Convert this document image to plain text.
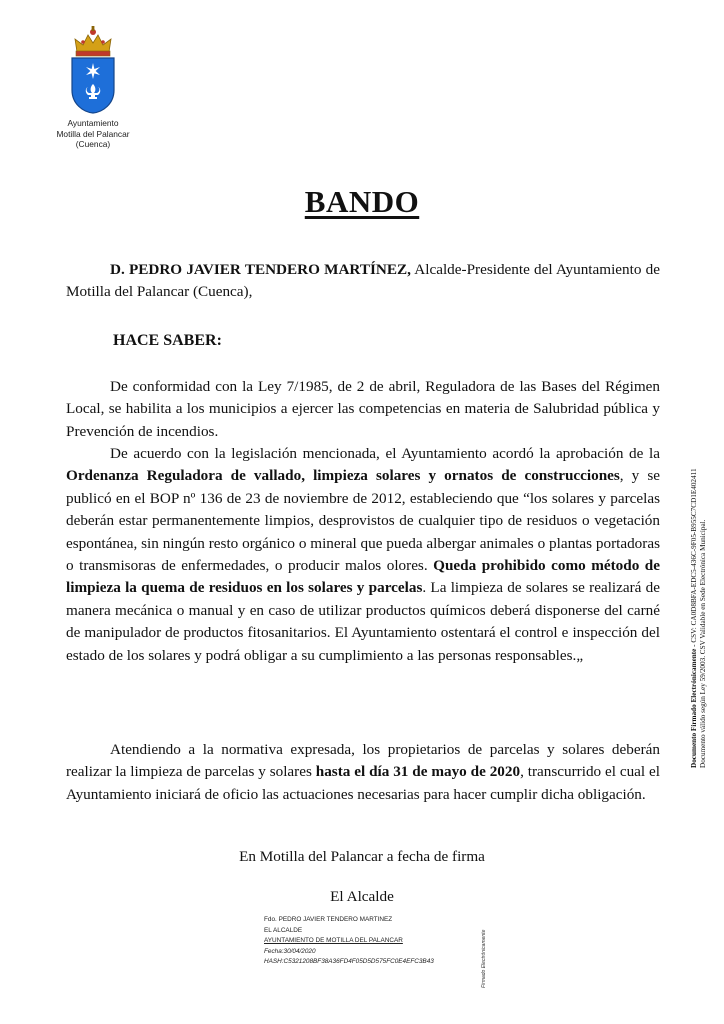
Ayuntamiento
Motilla del Palancar
(Cuenca)
BANDO

D. PEDRO JAVIER TENDERO MARTÍNEZ, Alcalde-Presidente del Ayuntamiento de Motilla del Palancar (Cuenca),

HACE SABER:

De conformidad con la Ley 7/1985, de 2 de abril, Reguladora de las Bases del Régimen Local, se habilita a los municipios a ejercer las competencias en materia de Salubridad pública y Prevención de incendios.

De acuerdo con la legislación mencionada, el Ayuntamiento acordó la aprobación de la Ordenanza Reguladora de vallado, limpieza solares y ornatos de construcciones, y se publicó en el BOP nº 136 de 23 de noviembre de 2012, estableciendo que “los solares y parcelas deberán estar permanentemente limpios, desprovistos de cualquier tipo de residuos o vegetación espontánea, sin ningún resto orgánico o mineral que pueda albergar animales o plantas portadoras o transmisoras de enfermedades, o producir malos olores. Queda prohibido como método de limpieza la quema de residuos en los solares y parcelas. La limpieza de solares se realizará de manera mecánica o manual y en caso de utilizar productos químicos deberá disponerse del carné de manipulador de productos fitosanitarios. El Ayuntamiento ostentará el control e inspección del estado de los solares y podrá obligar a su cumplimiento a las personas responsables.„

Atendiendo a la normativa expresada, los propietarios de parcelas y solares deberán realizar la limpieza de parcelas y solares hasta el día 31 de mayo de 2020, transcurrido el cual el Ayuntamiento iniciará de oficio las actuaciones necesarias para hacer cumplir dicha obligación.

En Motilla del Palancar a fecha de firma
El Alcalde
Fdo. PEDRO JAVIER TENDERO MARTINEZ
EL ALCALDE
AYUNTAMIENTO DE MOTILLA DEL PALANCAR
Fecha:30/04/2020
HASH:C5321208BF38A36FD4F05D5D575FC0E4EFC3B43	Firmado Electrónicamente
Documento Firmado Electrónicamente - CSV: CA0D8BFA-EDC5-436C-9F05-B955C7CD1E402411 Documento válido según Ley 59/2003. CSV Validable en Sede Electrónica Municipal.
